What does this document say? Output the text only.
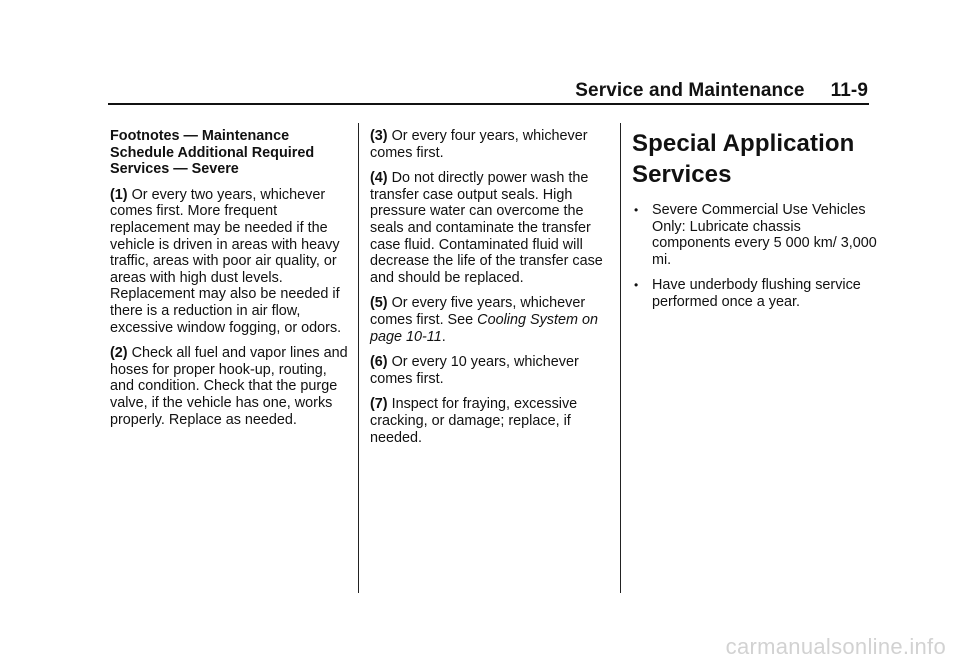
Service and Maintenance 11-9

Footnotes — Maintenance Schedule Additional Required Services — Severe

(1) Or every two years, whichever comes first. More frequent replacement may be needed if the vehicle is driven in areas with heavy traffic, areas with poor air quality, or areas with high dust levels. Replacement may also be needed if there is a reduction in air flow, excessive window fogging, or odors.

(2) Check all fuel and vapor lines and hoses for proper hook-up, routing, and condition. Check that the purge valve, if the vehicle has one, works properly. Replace as needed.

(3) Or every four years, whichever comes first.

(4) Do not directly power wash the transfer case output seals. High pressure water can overcome the seals and contaminate the transfer case fluid. Contaminated fluid will decrease the life of the transfer case and should be replaced.

(5) Or every five years, whichever comes first. See Cooling System on page 10-11.

(6) Or every 10 years, whichever comes first.

(7) Inspect for fraying, excessive cracking, or damage; replace, if needed.

Special Application Services
• Severe Commercial Use Vehicles Only: Lubricate chassis components every 5 000 km/ 3,000 mi.
• Have underbody flushing service performed once a year.
carmanualsonline.info
